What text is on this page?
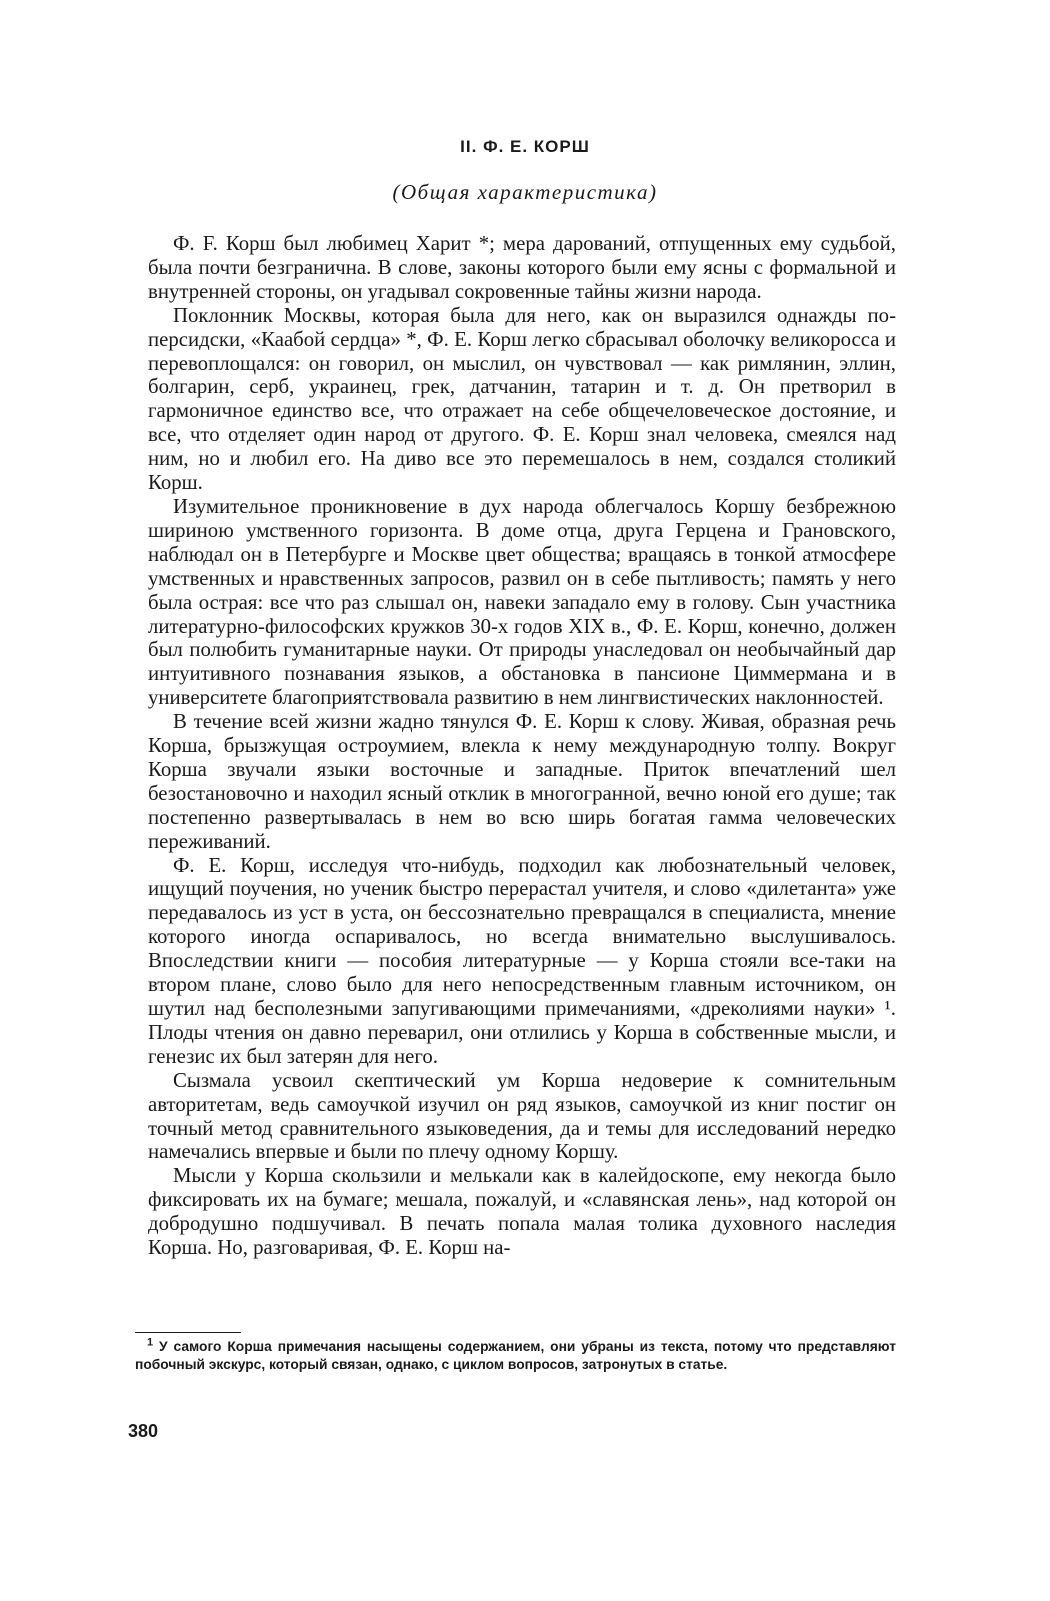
II. Ф. Е. КОРШ
(Общая характеристика)

Ф. F. Корш был любимец Харит *; мера дарований, отпущенных ему судьбой, была почти безгранична. В слове, законы которого были ему ясны с формальной и внутренней стороны, он угадывал сокровенные тайны жизни народа.

Поклонник Москвы, которая была для него, как он выразился однажды по-персидски, «Каабой сердца» *, Ф. Е. Корш легко сбрасывал оболочку великоросса и перевоплощался: он говорил, он мыслил, он чувствовал — как римлянин, эллин, болгарин, серб, украинец, грек, датчанин, татарин и т. д. Он претворил в гармоничное единство все, что отражает на себе общечеловеческое достояние, и все, что отделяет один народ от другого. Ф. Е. Корш знал человека, смеялся над ним, но и любил его. На диво все это перемешалось в нем, создался столикий Корш.

Изумительное проникновение в дух народа облегчалось Коршу безбрежною шириною умственного горизонта. В доме отца, друга Герцена и Грановского, наблюдал он в Петербурге и Москве цвет общества; вращаясь в тонкой атмосфере умственных и нравственных запросов, развил он в себе пытливость; память у него была острая: все что раз слышал он, навеки западало ему в голову. Сын участника литературно-философских кружков 30-х годов XIX в., Ф. Е. Корш, конечно, должен был полюбить гуманитарные науки. От природы унаследовал он необычайный дар интуитивного познавания языков, а обстановка в пансионе Циммермана и в университете благоприятствовала развитию в нем лингвистических наклонностей.

В течение всей жизни жадно тянулся Ф. Е. Корш к слову. Живая, образная речь Корша, брызжущая остроумием, влекла к нему международную толпу. Вокруг Корша звучали языки восточные и западные. Приток впечатлений шел безостановочно и находил ясный отклик в многогранной, вечно юной его душе; так постепенно развертывалась в нем во всю ширь богатая гамма человеческих переживаний.

Ф. Е. Корш, исследуя что-нибудь, подходил как любознательный человек, ищущий поучения, но ученик быстро перерастал учителя, и слово «дилетанта» уже передавалось из уст в уста, он бессознательно превращался в специалиста, мнение которого иногда оспаривалось, но всегда внимательно выслушивалось. Впоследствии книги — пособия литературные — у Корша стояли все-таки на втором плане, слово было для него непосредственным главным источником, он шутил над бесполезными запугивающими примечаниями, «дреколиями науки» ¹. Плоды чтения он давно переварил, они отлились у Корша в собственные мысли, и генезис их был затерян для него.

Сызмала усвоил скептический ум Корша недоверие к сомнительным авторитетам, ведь самоучкой изучил он ряд языков, самоучкой из книг постиг он точный метод сравнительного языковедения, да и темы для исследований нередко намечались впервые и были по плечу одному Коршу.

Мысли у Корша скользили и мелькали как в калейдоскопе, ему некогда было фиксировать их на бумаге; мешала, пожалуй, и «славянская лень», над которой он добродушно подшучивал. В печать попала малая толика духовного наследия Корша. Но, разговаривая, Ф. Е. Корш на-

$^1$ У самого Корша примечания насыщены содержанием, они убраны из текста, потому что представляют побочный экскурс, который связан, однако, с циклом вопросов, затронутых в статье.

380
